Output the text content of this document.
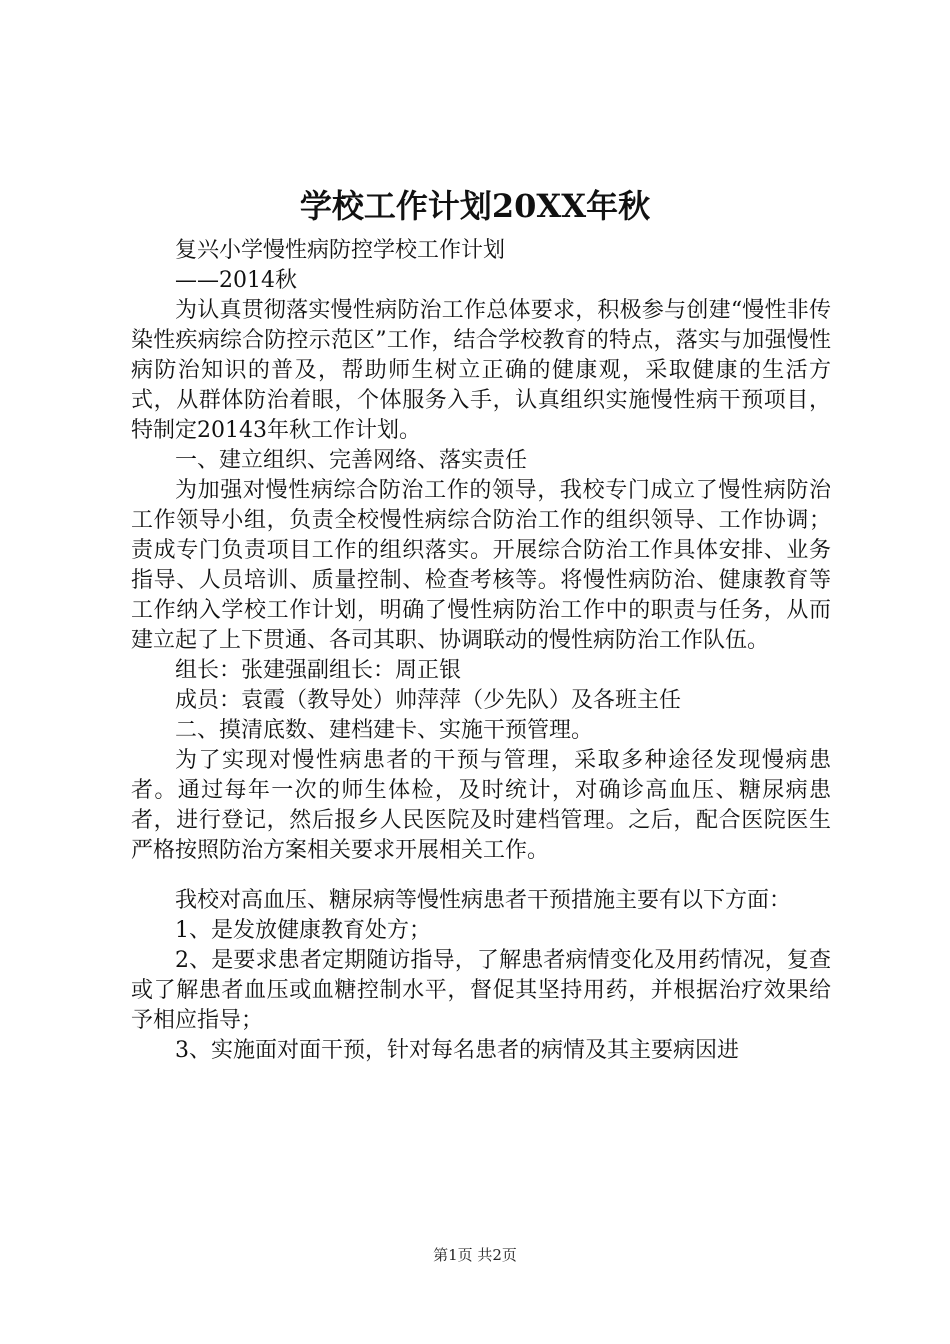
学校工作计划20XX年秋

复兴小学慢性病防控学校工作计划

——2014秋

为认真贯彻落实慢性病防治工作总体要求，积极参与创建“慢性非传染性疾病综合防控示范区”工作，结合学校教育的特点，落实与加强慢性病防治知识的普及，帮助师生树立正确的健康观，采取健康的生活方式，从群体防治着眼，个体服务入手，认真组织实施慢性病干预项目，特制定20143年秋工作计划。

一、建立组织、完善网络、落实责任

为加强对慢性病综合防治工作的领导，我校专门成立了慢性病防治工作领导小组，负责全校慢性病综合防治工作的组织领导、工作协调；责成专门负责项目工作的组织落实。开展综合防治工作具体安排、业务指导、人员培训、质量控制、检查考核等。将慢性病防治、健康教育等工作纳入学校工作计划，明确了慢性病防治工作中的职责与任务，从而建立起了上下贯通、各司其职、协调联动的慢性病防治工作队伍。

组长：张建强副组长：周正银

成员：袁霞（教导处）帅萍萍（少先队）及各班主任

二、摸清底数、建档建卡、实施干预管理。

为了实现对慢性病患者的干预与管理，采取多种途径发现慢病患者。通过每年一次的师生体检，及时统计，对确诊高血压、糖尿病患者，进行登记，然后报乡人民医院及时建档管理。之后，配合医院医生严格按照防治方案相关要求开展相关工作。

我校对高血压、糖尿病等慢性病患者干预措施主要有以下方面：

1、是发放健康教育处方；

2、是要求患者定期随访指导，了解患者病情变化及用药情况，复查或了解患者血压或血糖控制水平，督促其坚持用药，并根据治疗效果给予相应指导；

3、实施面对面干预，针对每名患者的病情及其主要病因进

第1页 共2页
